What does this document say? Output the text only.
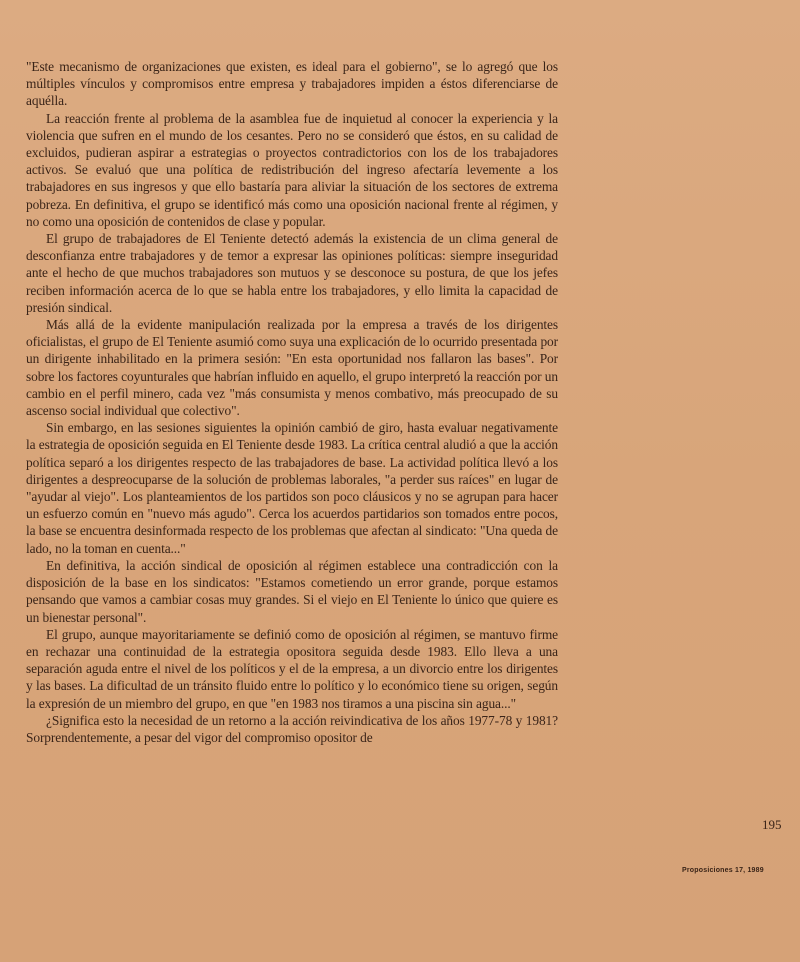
"Este mecanismo de organizaciones que existen, es ideal para el gobierno", se lo agregó que los múltiples vínculos y compromisos entre empresa y trabajadores impiden a éstos diferenciarse de aquélla.

La reacción frente al problema de la asamblea fue de inquietud al conocer la experiencia y la violencia que sufren en el mundo de los cesantes. Pero no se consideró que éstos, en su calidad de excluidos, pudieran aspirar a estrategias o proyectos contradictorios con los de los trabajadores activos. Se evaluó que una política de redistribución del ingreso afectaría levemente a los trabajadores en sus ingresos y que ello bastaría para aliviar la situación de los sectores de extrema pobreza. En definitiva, el grupo se identificó más como una oposición nacional frente al régimen, y no como una oposición de contenidos de clase y popular.

El grupo de trabajadores de El Teniente detectó además la existencia de un clima general de desconfianza entre trabajadores y de temor a expresar las opiniones políticas: siempre inseguridad ante el hecho de que muchos trabajadores son mutuos y se desconoce su postura, de que los jefes reciben información acerca de lo que se habla entre los trabajadores, y ello limita la capacidad de presión sindical.

Más allá de la evidente manipulación realizada por la empresa a través de los dirigentes oficialistas, el grupo de El Teniente asumió como suya una explicación de lo ocurrido presentada por un dirigente inhabilitado en la primera sesión: "En esta oportunidad nos fallaron las bases". Por sobre los factores coyunturales que habrían influido en aquello, el grupo interpretó la reacción por un cambio en el perfil minero, cada vez "más consumista y menos combativo, más preocupado de su ascenso social individual que colectivo".

Sin embargo, en las sesiones siguientes la opinión cambió de giro, hasta evaluar negativamente la estrategia de oposición seguida en El Teniente desde 1983. La crítica central aludió a que la acción política separó a los dirigentes respecto de las trabajadores de base. La actividad política llevó a los dirigentes a despreocuparse de la solución de problemas laborales, "a perder sus raíces" en lugar de "ayudar al viejo". Los planteamientos de los partidos son poco cláusicos y no se agrupan para hacer un esfuerzo común en "nuevo más agudo". Cerca los acuerdos partidarios son tomados entre pocos, la base se encuentra desinformada respecto de los problemas que afectan al sindicato: "Una queda de lado, no la toman en cuenta..."

En definitiva, la acción sindical de oposición al régimen establece una contradicción con la disposición de la base en los sindicatos: "Estamos cometiendo un error grande, porque estamos pensando que vamos a cambiar cosas muy grandes. Si el viejo en El Teniente lo único que quiere es un bienestar personal".

El grupo, aunque mayoritariamente se definió como de oposición al régimen, se mantuvo firme en rechazar una continuidad de la estrategia opositora seguida desde 1983. Ello lleva a una separación aguda entre el nivel de los políticos y el de la empresa, a un divorcio entre los dirigentes y las bases. La dificultad de un tránsito fluido entre lo político y lo económico tiene su origen, según la expresión de un miembro del grupo, en que "en 1983 nos tiramos a una piscina sin agua..."

¿Significa esto la necesidad de un retorno a la acción reivindicativa de los años 1977-78 y 1981? Sorprendentemente, a pesar del vigor del compromiso opositor de

195
Proposiciones 17, 1989
